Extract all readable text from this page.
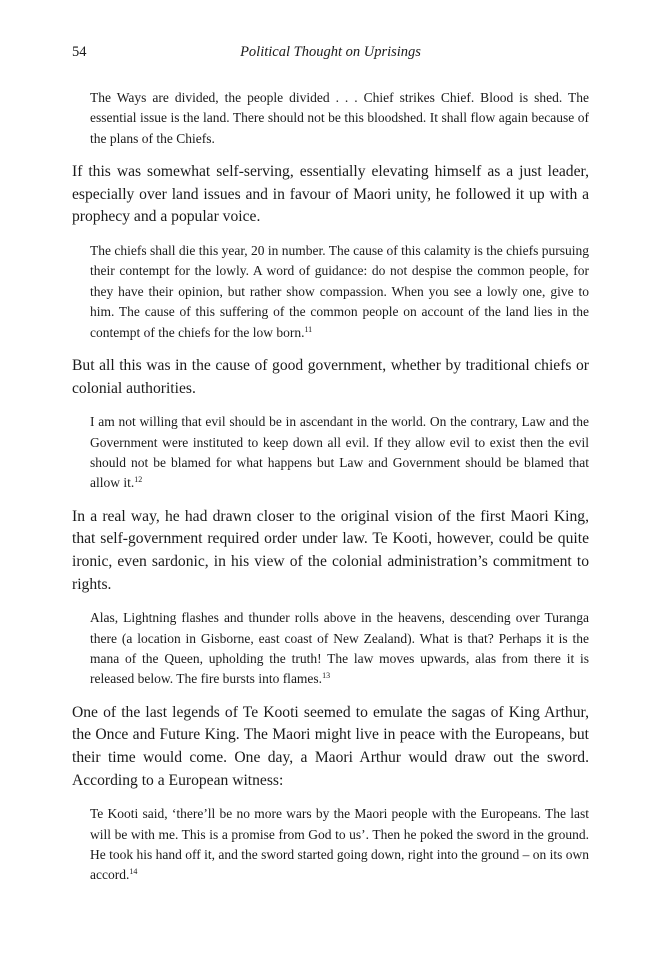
54	Political Thought on Uprisings

The Ways are divided, the people divided . . . Chief strikes Chief. Blood is shed. The essential issue is the land. There should not be this bloodshed. It shall flow again because of the plans of the Chiefs.

If this was somewhat self-serving, essentially elevating himself as a just leader, especially over land issues and in favour of Maori unity, he followed it up with a prophecy and a popular voice.

The chiefs shall die this year, 20 in number. The cause of this calamity is the chiefs pursuing their contempt for the lowly. A word of guidance: do not despise the common people, for they have their opinion, but rather show compassion. When you see a lowly one, give to him. The cause of this suffering of the common people on account of the land lies in the contempt of the chiefs for the low born.$^{11}$

But all this was in the cause of good government, whether by traditional chiefs or colonial authorities.

I am not willing that evil should be in ascendant in the world. On the contrary, Law and the Government were instituted to keep down all evil. If they allow evil to exist then the evil should not be blamed for what happens but Law and Government should be blamed that allow it.$^{12}$

In a real way, he had drawn closer to the original vision of the first Maori King, that self-government required order under law. Te Kooti, however, could be quite ironic, even sardonic, in his view of the colonial administration’s commitment to rights.

Alas, Lightning flashes and thunder rolls above in the heavens, descending over Turanga there (a location in Gisborne, east coast of New Zealand). What is that? Perhaps it is the mana of the Queen, upholding the truth! The law moves upwards, alas from there it is released below. The fire bursts into flames.$^{13}$

One of the last legends of Te Kooti seemed to emulate the sagas of King Arthur, the Once and Future King. The Maori might live in peace with the Europeans, but their time would come. One day, a Maori Arthur would draw out the sword. According to a European witness:

Te Kooti said, ‘there’ll be no more wars by the Maori people with the Europeans. The last will be with me. This is a promise from God to us’. Then he poked the sword in the ground. He took his hand off it, and the sword started going down, right into the ground – on its own accord.$^{14}$
